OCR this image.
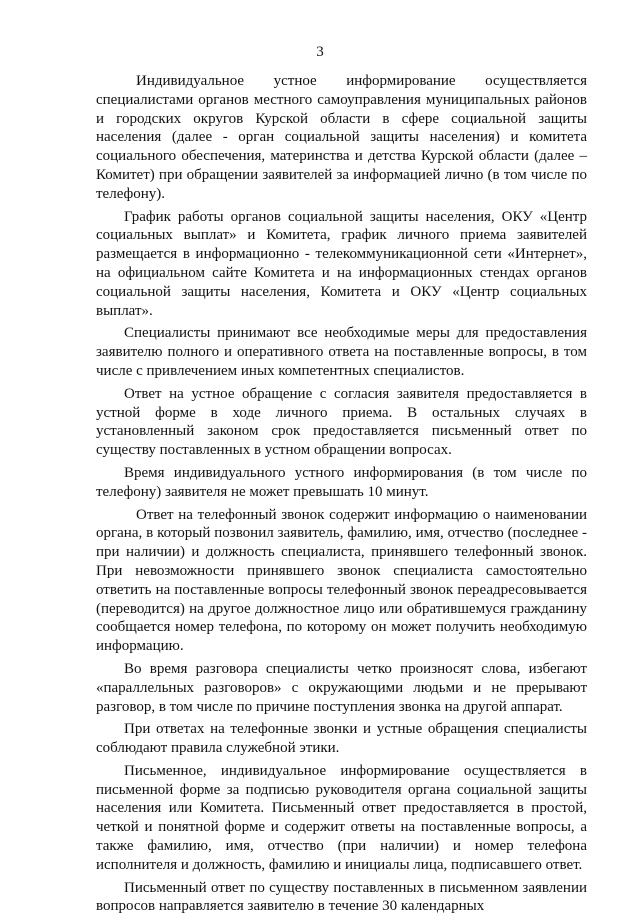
3

Индивидуальное устное информирование осуществляется специалистами органов местного самоуправления муниципальных районов и городских округов Курской области в сфере социальной защиты населения (далее - орган социальной защиты населения) и комитета социального обеспечения, материнства и детства Курской области (далее – Комитет) при обращении заявителей за информацией лично (в том числе по телефону).

График работы органов социальной защиты населения, ОКУ «Центр социальных выплат» и Комитета, график личного приема заявителей размещается в информационно - телекоммуникационной сети «Интернет», на официальном сайте Комитета и на информационных стендах органов социальной защиты населения, Комитета и ОКУ «Центр социальных выплат».

Специалисты принимают все необходимые меры для предоставления заявителю полного и оперативного ответа на поставленные вопросы, в том числе с привлечением иных компетентных специалистов.

Ответ на устное обращение с согласия заявителя предоставляется в устной форме в ходе личного приема. В остальных случаях в установленный законом срок предоставляется письменный ответ по существу поставленных в устном обращении вопросах.

Время индивидуального устного информирования (в том числе по телефону) заявителя не может превышать 10 минут.

Ответ на телефонный звонок содержит информацию о наименовании органа, в который позвонил заявитель, фамилию, имя, отчество (последнее - при наличии) и должность специалиста, принявшего телефонный звонок. При невозможности принявшего звонок специалиста самостоятельно ответить на поставленные вопросы телефонный звонок переадресовывается (переводится) на другое должностное лицо или обратившемуся гражданину сообщается номер телефона, по которому он может получить необходимую информацию.

Во время разговора специалисты четко произносят слова, избегают «параллельных разговоров» с окружающими людьми и не прерывают разговор, в том числе по причине поступления звонка на другой аппарат.

При ответах на телефонные звонки и устные обращения специалисты соблюдают правила служебной этики.

Письменное, индивидуальное информирование осуществляется в письменной форме за подписью руководителя органа социальной защиты населения или Комитета. Письменный ответ предоставляется в простой, четкой и понятной форме и содержит ответы на поставленные вопросы, а также фамилию, имя, отчество (при наличии) и номер телефона исполнителя и должность, фамилию и инициалы лица, подписавшего ответ.

Письменный ответ по существу поставленных в письменном заявлении вопросов направляется заявителю в течение 30 календарных
